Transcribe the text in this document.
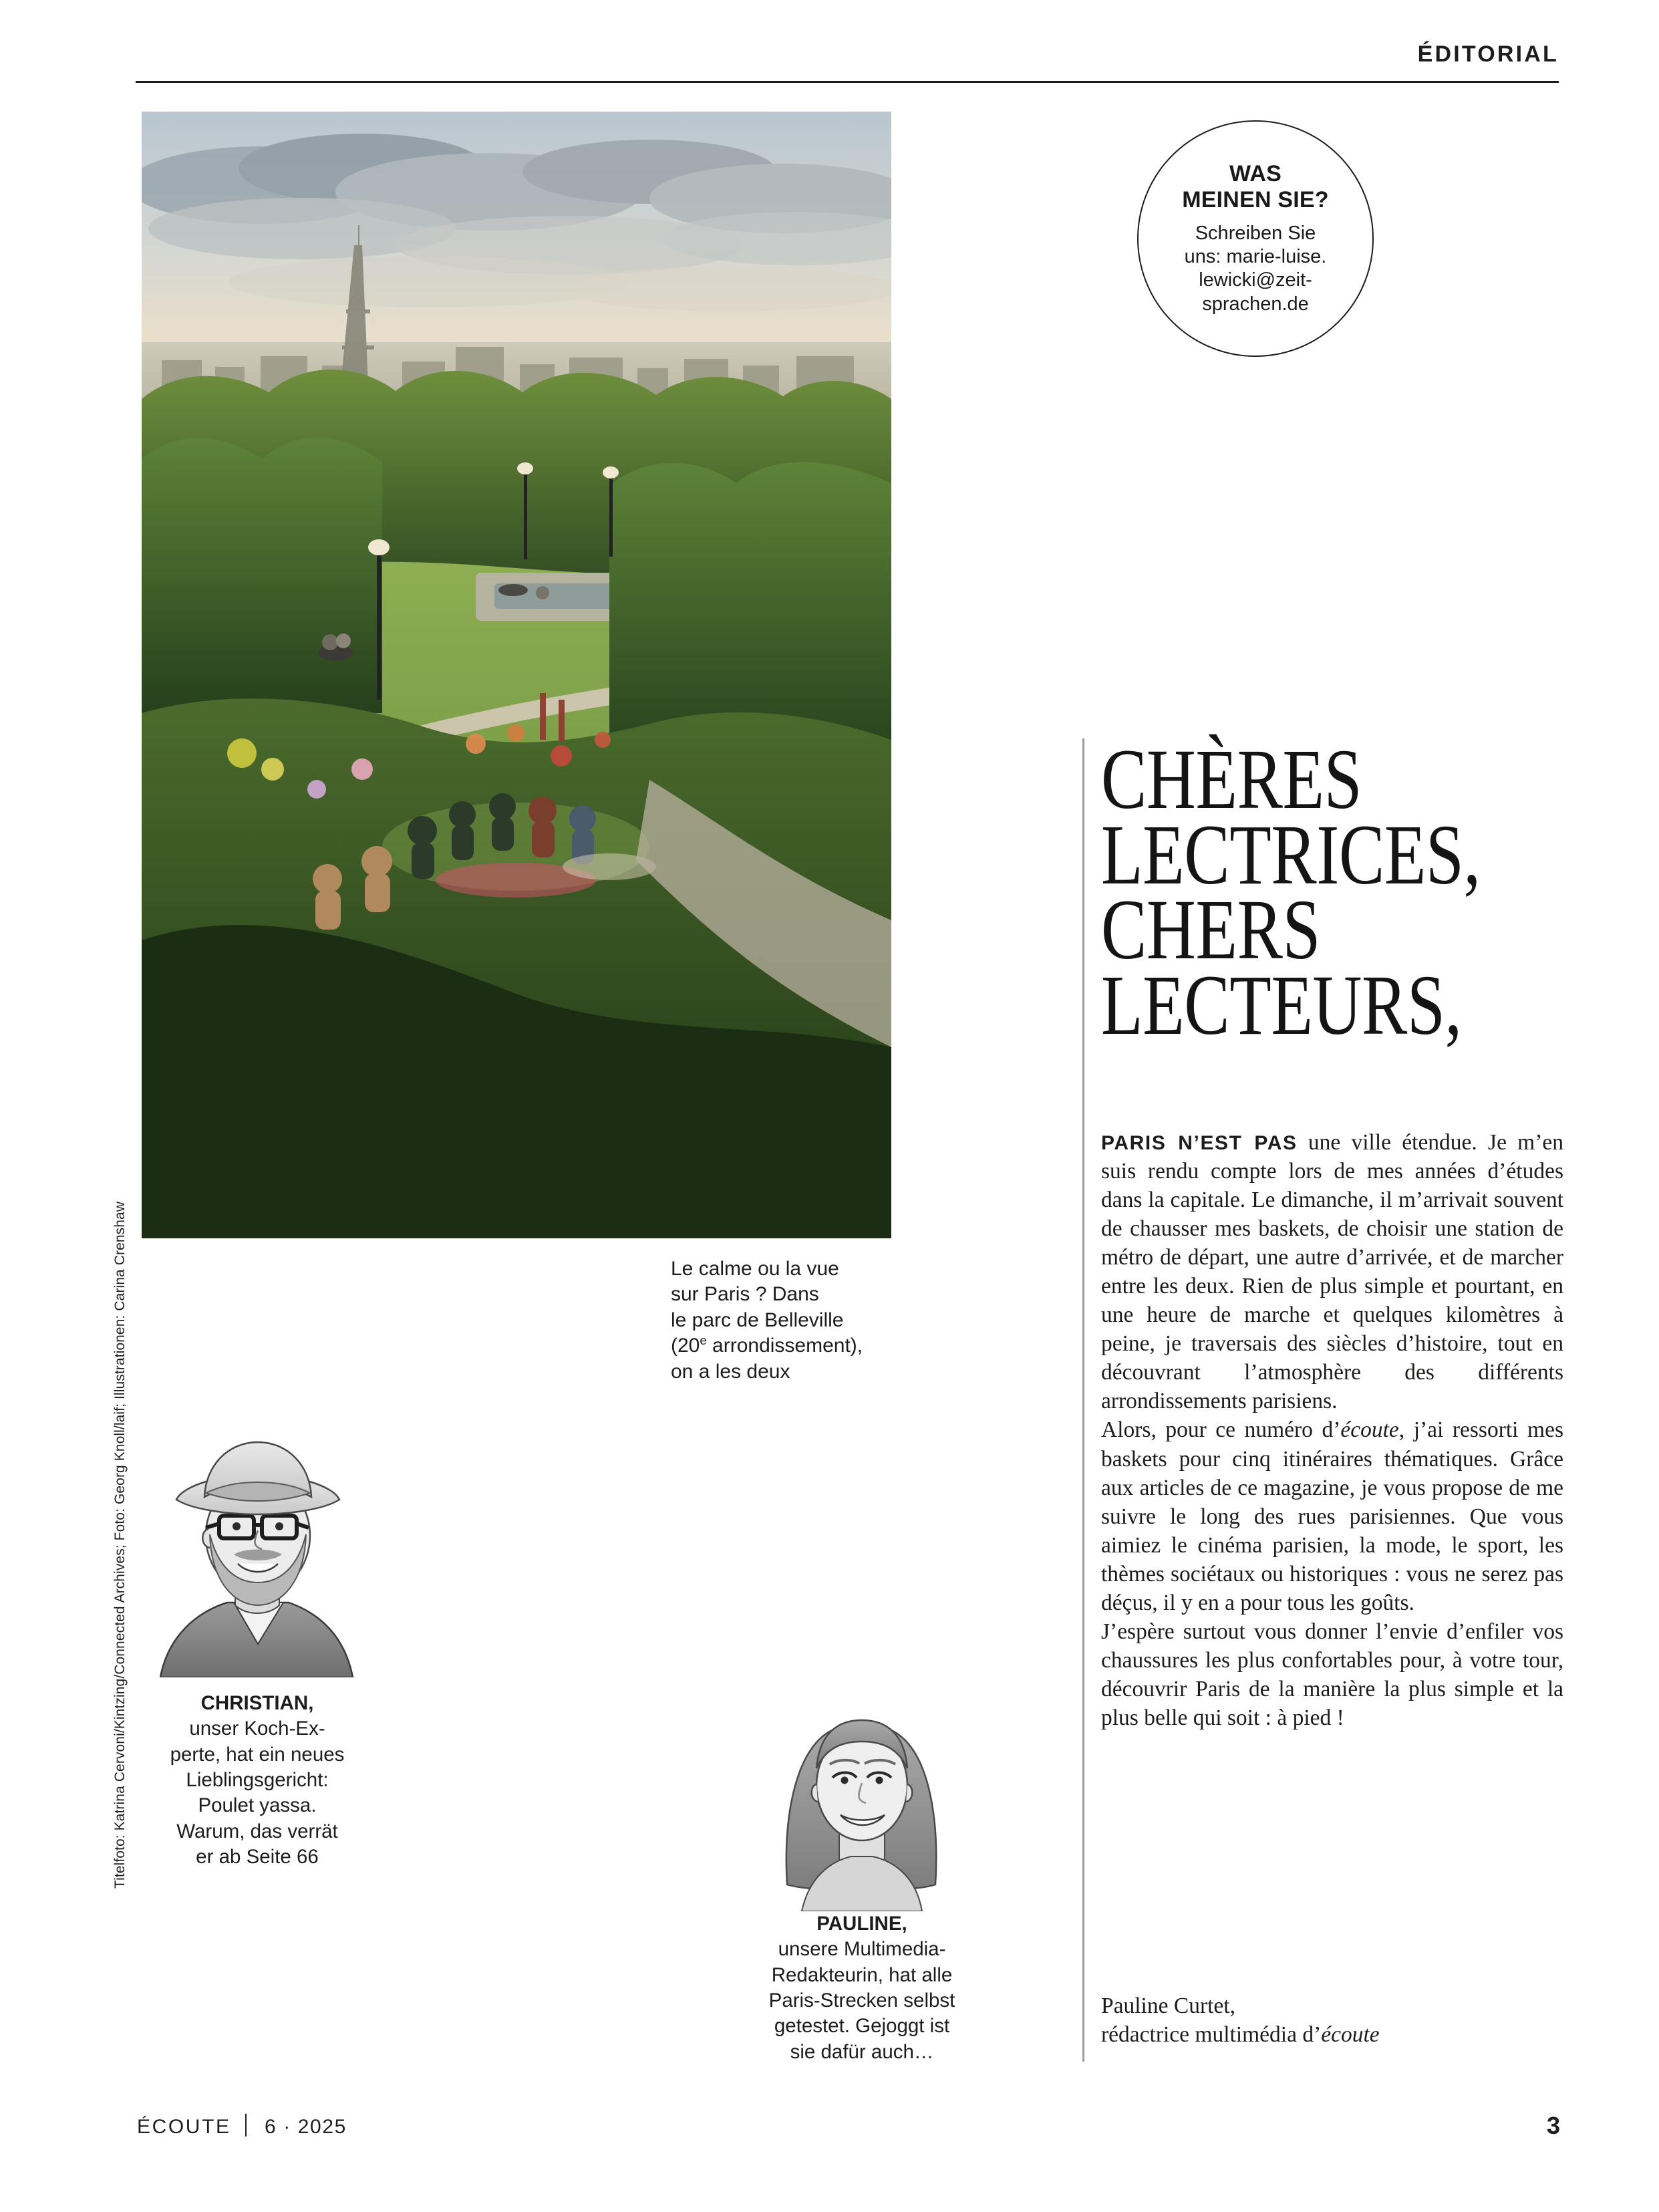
ÉDITORIAL
Titelfoto: Katrina Cervoni/Kintzing/Connected Archives; Foto: Georg Knoll/laif; Illustrationen: Carina Crenshaw	Le calme ou la vue
sur Paris ? Dans
le parc de Belleville
(20e arrondissement),
on a les deux
WAS
MEINEN SIE?
Schreiben Sie
uns: marie-luise.
lewicki@zeit-
sprachen.de
CHÈRES
LECTRICES,
CHERS
LECTEURS,

PARIS N’EST PAS une ville étendue. Je m’en suis rendu compte lors de mes années d’études dans la capitale. Le dimanche, il m’arrivait souvent de chausser mes baskets, de choisir une station de métro de départ, une autre d’arrivée, et de marcher entre les deux. Rien de plus simple et pourtant, en une heure de marche et quelques kilomètres à peine, je traversais des siècles d’histoire, tout en découvrant l’atmosphère des différents arrondissements parisiens.

Alors, pour ce numéro d’écoute, j’ai ressorti mes baskets pour cinq itinéraires thématiques. Grâce aux articles de ce magazine, je vous propose de me suivre le long des rues parisiennes. Que vous aimiez le cinéma parisien, la mode, le sport, les thèmes sociétaux ou historiques : vous ne serez pas déçus, il y en a pour tous les goûts.

J’espère surtout vous donner l’envie d’enfiler vos chaussures les plus confortables pour, à votre tour, découvrir Paris de la manière la plus simple et la plus belle qui soit : à pied !

Pauline Curtet,
rédactrice multimédia d’écoute
CHRISTIAN,
unser Koch-Ex-
perte, hat ein neues
Lieblingsgericht:
Poulet yassa.
Warum, das verrät
er ab Seite 66
PAULINE,
unsere Multimedia-
Redakteurin, hat alle
Paris-Strecken selbst
getestet. Gejoggt ist
sie dafür auch…
ÉCOUTE 6 · 2025	3
